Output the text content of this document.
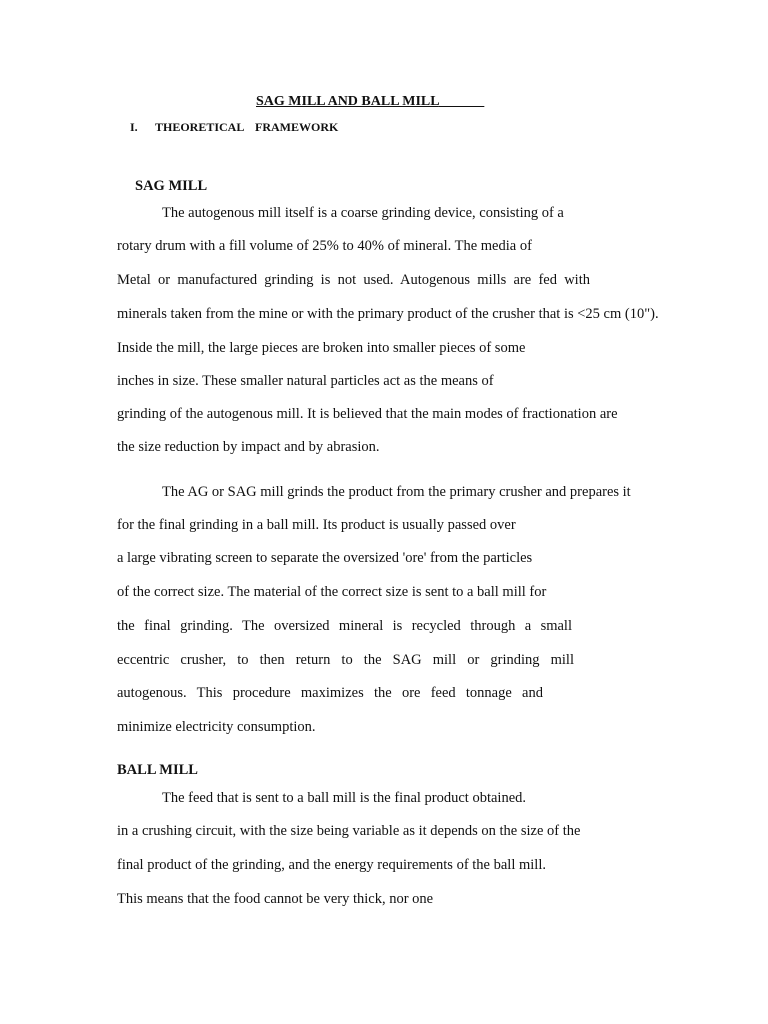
SAG MILL AND BALL MILL
I. THEORETICAL FRAMEWORK
SAG MILL
The autogenous mill itself is a coarse grinding device, consisting of a
rotary drum with a fill volume of 25% to 40% of mineral. The media of
Metal or manufactured grinding is not used. Autogenous mills are fed with
minerals taken from the mine or with the primary product of the crusher that is <25 cm (10").
Inside the mill, the large pieces are broken into smaller pieces of some
inches in size. These smaller natural particles act as the means of
grinding of the autogenous mill. It is believed that the main modes of fractionation are
the size reduction by impact and by abrasion.
The AG or SAG mill grinds the product from the primary crusher and prepares it
for the final grinding in a ball mill. Its product is usually passed over
a large vibrating screen to separate the oversized 'ore' from the particles
of the correct size. The material of the correct size is sent to a ball mill for
the final grinding. The oversized mineral is recycled through a small
eccentric crusher, to then return to the SAG mill or grinding mill
autogenous. This procedure maximizes the ore feed tonnage and
minimize electricity consumption.
BALL MILL
The feed that is sent to a ball mill is the final product obtained.
in a crushing circuit, with the size being variable as it depends on the size of the
final product of the grinding, and the energy requirements of the ball mill.
This means that the food cannot be very thick, nor one
